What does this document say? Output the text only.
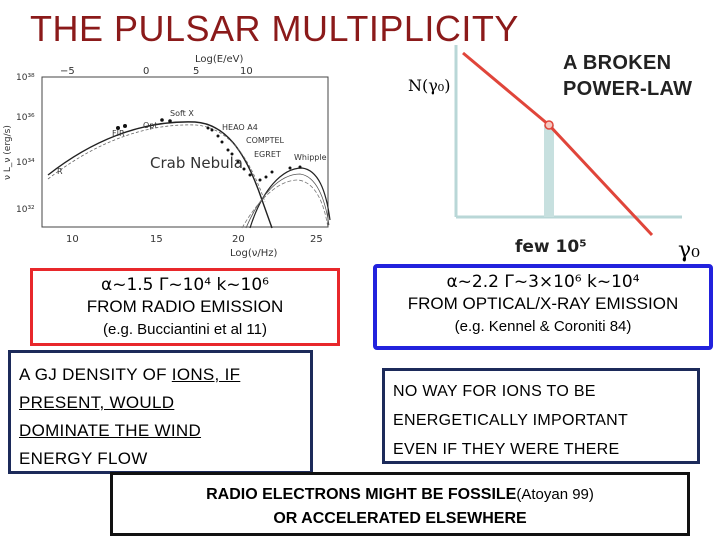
THE PULSAR MULTIPLICITY
Log(E/eV)
−5	0	5	10
10³⁸
10³⁶
10³⁴
10³²
ν L_ν (erg/s)	R
FIR
Opt
Soft X
HEAO A4
COMPTEL
EGRET Whipple
Crab Nebula
10	15	20	25
Log(ν/Hz)
A BROKEN
POWER-LAW
N(γ₀)
few 10⁵	γ₀
α~1.5 Γ~10⁴ k~10⁶
FROM RADIO EMISSION
(e.g. Bucciantini et al 11)
α~2.2 Γ~3×10⁶ k~10⁴
FROM OPTICAL/X-RAY EMISSION
(e.g. Kennel & Coroniti 84)
A GJ DENSITY OF IONS, IF
PRESENT, WOULD
DOMINATE THE WIND
ENERGY FLOW
NO WAY FOR IONS TO BE
ENERGETICALLY IMPORTANT
EVEN IF THEY WERE THERE
RADIO ELECTRONS MIGHT BE FOSSILE(Atoyan 99)
OR ACCELERATED ELSEWHERE
